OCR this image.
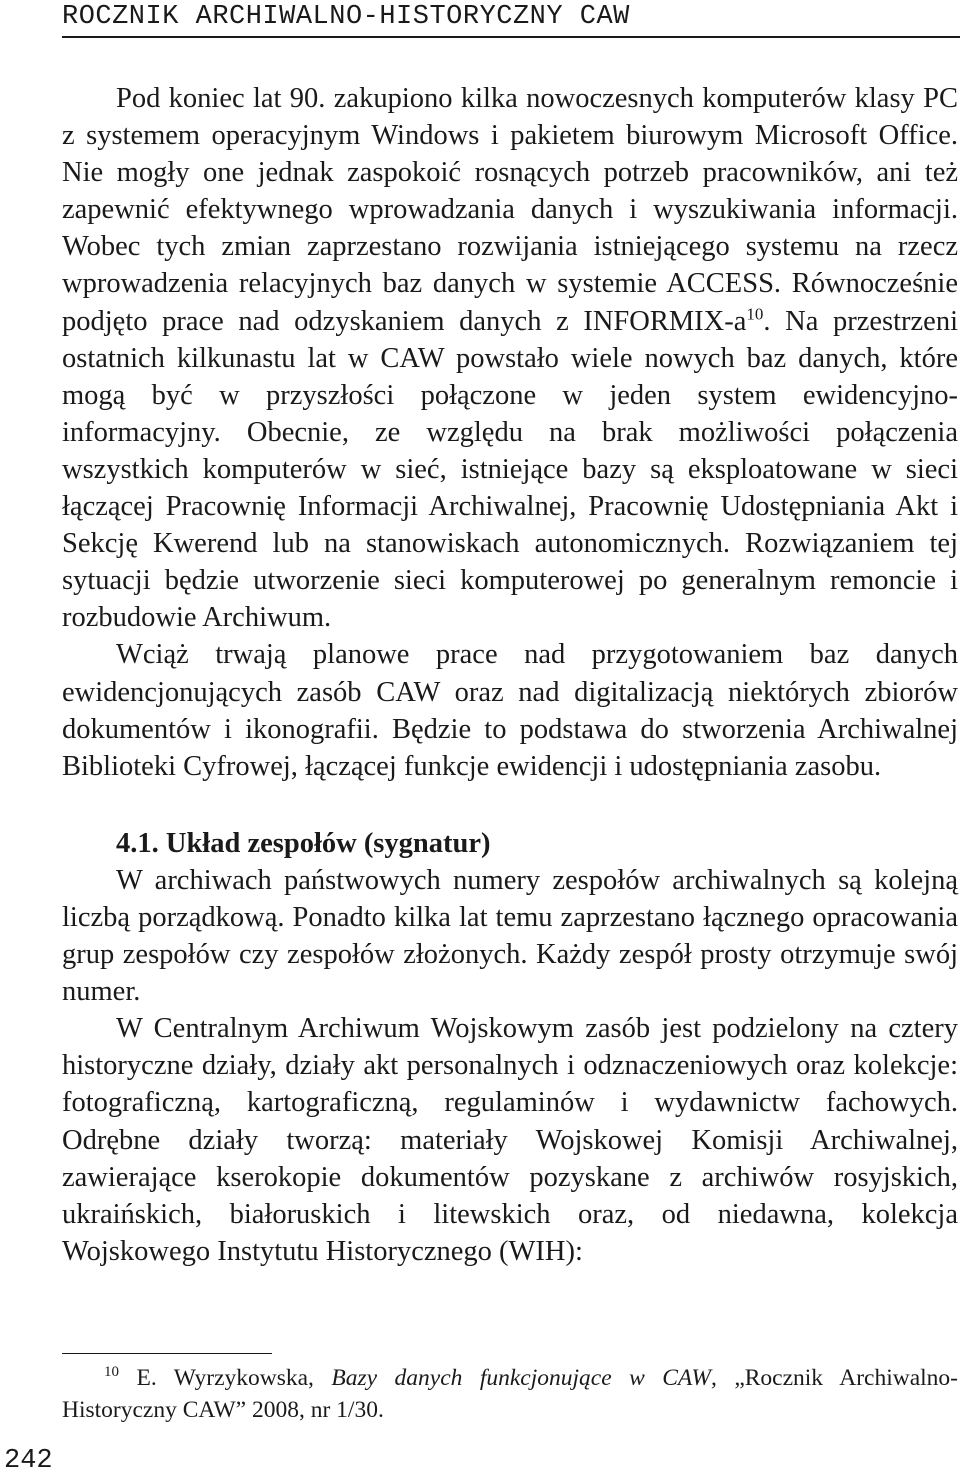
ROCZNIK ARCHIWALNO-HISTORYCZNY CAW

Pod koniec lat 90. zakupiono kilka nowoczesnych komputerów klasy PC z systemem operacyjnym Windows i pakietem biurowym Microsoft Office. Nie mogły one jednak zaspokoić rosnących potrzeb pracowników, ani też zapewnić efektywnego wprowadzania danych i wyszukiwania informacji. Wobec tych zmian zaprzestano rozwijania istniejącego systemu na rzecz wprowadzenia relacyjnych baz danych w systemie ACCESS. Równocześnie podjęto prace nad odzyskaniem danych z INFORMIX-$a^{10}$. Na przestrzeni ostatnich kilkunastu lat w CAW powstało wiele nowych baz danych, które mogą być w przyszłości połączone w jeden system ewidencyjno-informacyjny. Obecnie, ze względu na brak możliwości połączenia wszystkich komputerów w sieć, istniejące bazy są eksploatowane w sieci łączącej Pracownię Informacji Archiwalnej, Pracownię Udostępniania Akt i Sekcję Kwerend lub na stanowiskach autonomicznych. Rozwiązaniem tej sytuacji będzie utworzenie sieci komputerowej po generalnym remoncie i rozbudowie Archiwum.

Wciąż trwają planowe prace nad przygotowaniem baz danych ewidencjonujących zasób CAW oraz nad digitalizacją niektórych zbiorów dokumentów i ikonografii. Będzie to podstawa do stworzenia Archiwalnej Biblioteki Cyfrowej, łączącej funkcje ewidencji i udostępniania zasobu.

4.1. Układ zespołów (sygnatur)

W archiwach państwowych numery zespołów archiwalnych są kolejną liczbą porządkową. Ponadto kilka lat temu zaprzestano łącznego opracowania grup zespołów czy zespołów złożonych. Każdy zespół prosty otrzymuje swój numer.

W Centralnym Archiwum Wojskowym zasób jest podzielony na cztery historyczne działy, działy akt personalnych i odznaczeniowych oraz kolekcje: fotograficzną, kartograficzną, regulaminów i wydawnictw fachowych. Odrębne działy tworzą: materiały Wojskowej Komisji Archiwalnej, zawierające kserokopie dokumentów pozyskane z archiwów rosyjskich, ukraińskich, białoruskich i litewskich oraz, od niedawna, kolekcja Wojskowego Instytutu Historycznego (WIH):

$^{10}$ E. Wyrzykowska, Bazy danych funkcjonujące w CAW, „Rocznik Archiwalno-Historyczny CAW” 2008, nr 1/30.
242
